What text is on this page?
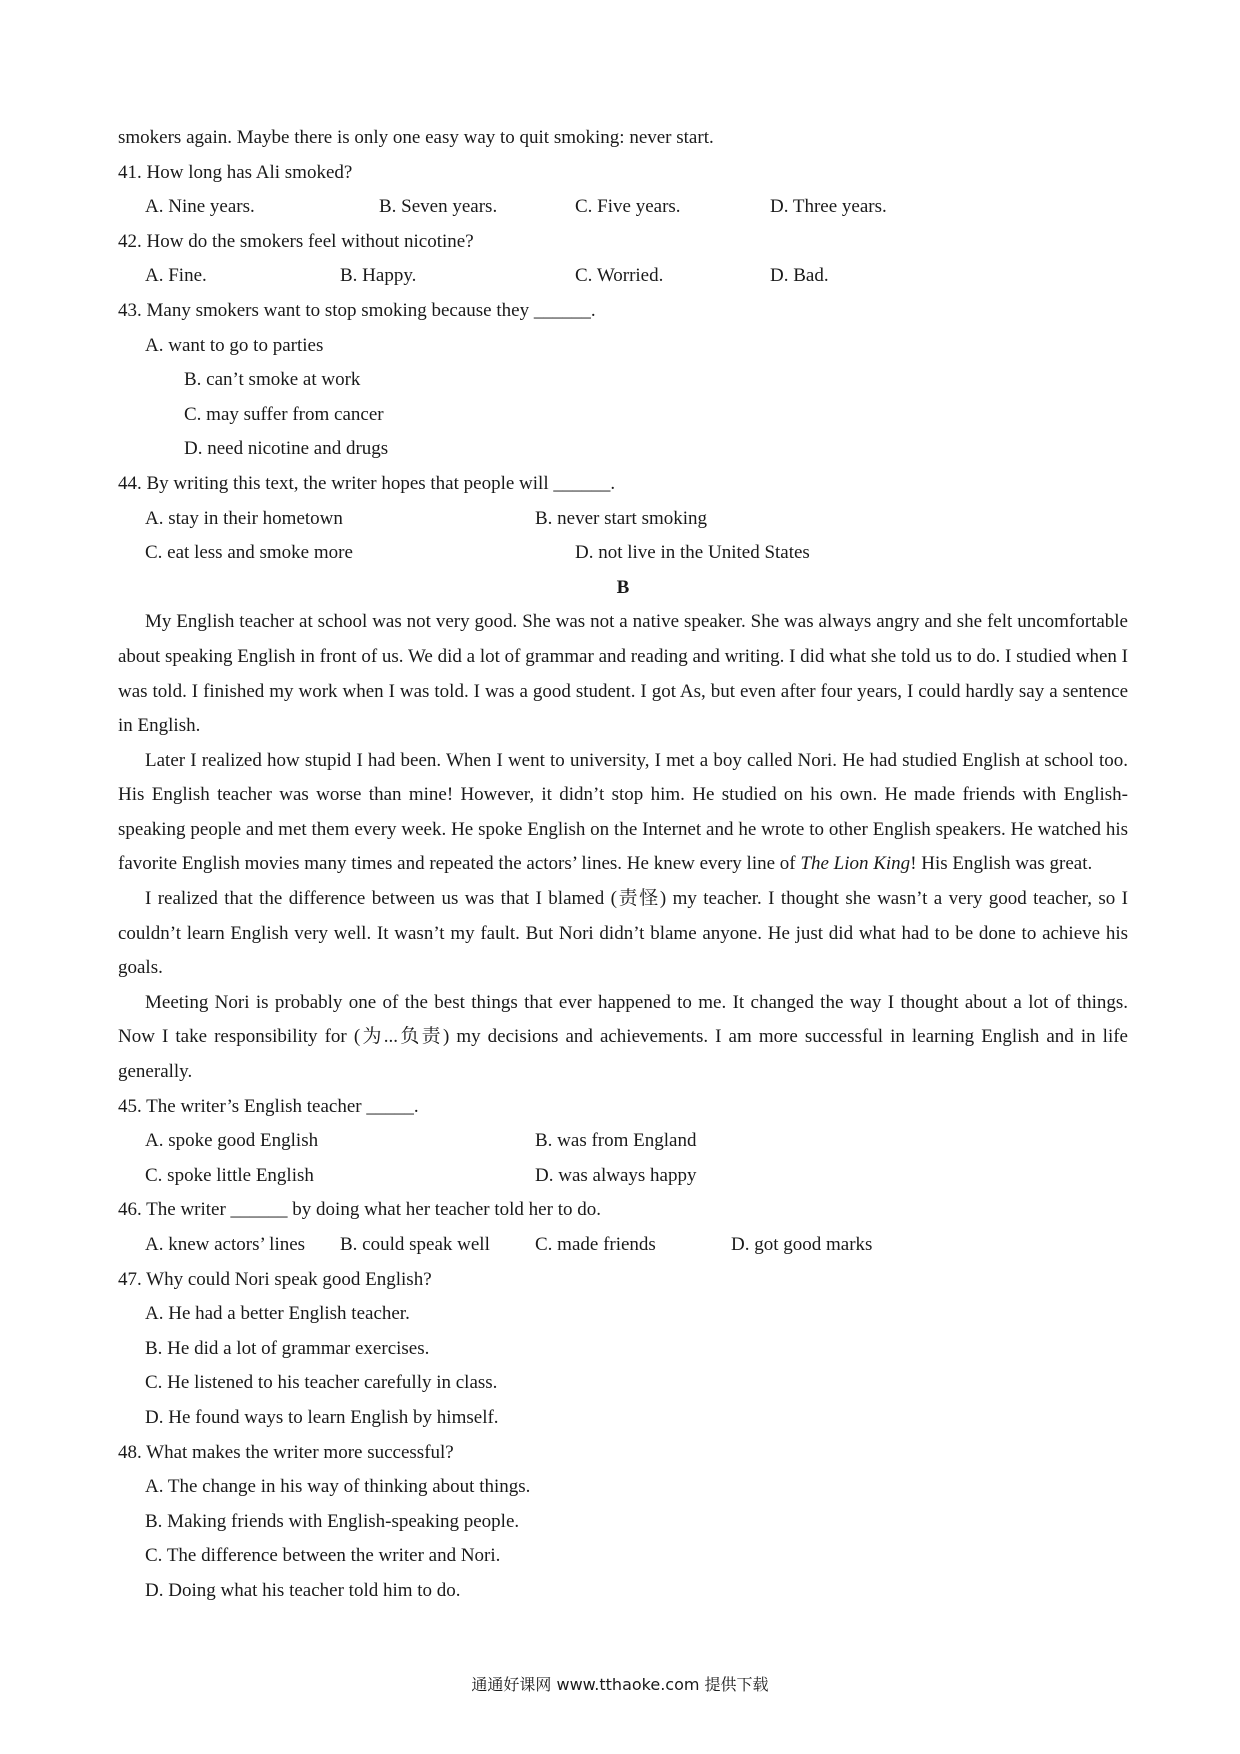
smokers again. Maybe there is only one easy way to quit smoking: never start.
41. How long has Ali smoked?
A. Nine years.	B. Seven years.	C. Five years.	D. Three years.
42. How do the smokers feel without nicotine?
A. Fine.	B. Happy.	C. Worried.	D. Bad.
43. Many smokers want to stop smoking because they ______.
A. want to go to parties
B. can’t smoke at work
C. may suffer from cancer
D. need nicotine and drugs
44. By writing this text, the writer hopes that people will ______.
A. stay in their hometown	B. never start smoking
C. eat less and smoke more	D. not live in the United States
B

My English teacher at school was not very good. She was not a native speaker. She was always angry and she felt uncomfortable about speaking English in front of us. We did a lot of grammar and reading and writing. I did what she told us to do. I studied when I was told. I finished my work when I was told. I was a good student. I got As, but even after four years, I could hardly say a sentence in English.

Later I realized how stupid I had been. When I went to university, I met a boy called Nori. He had studied English at school too. His English teacher was worse than mine! However, it didn’t stop him. He studied on his own. He made friends with English-speaking people and met them every week. He spoke English on the Internet and he wrote to other English speakers. He watched his favorite English movies many times and repeated the actors’ lines. He knew every line of The Lion King! His English was great.

I realized that the difference between us was that I blamed (责怪) my teacher. I thought she wasn’t a very good teacher, so I couldn’t learn English very well. It wasn’t my fault. But Nori didn’t blame anyone. He just did what had to be done to achieve his goals.

Meeting Nori is probably one of the best things that ever happened to me. It changed the way I thought about a lot of things. Now I take responsibility for (为...负责) my decisions and achievements. I am more successful in learning English and in life generally.

45. The writer’s English teacher _____.
A. spoke good English	B. was from England
C. spoke little English	D. was always happy
46. The writer ______ by doing what her teacher told her to do.
A. knew actors’ lines B. could speak well C. made friends	D. got good marks
47. Why could Nori speak good English?
A. He had a better English teacher.
B. He did a lot of grammar exercises.
C. He listened to his teacher carefully in class.
D. He found ways to learn English by himself.
48. What makes the writer more successful?
A. The change in his way of thinking about things.
B. Making friends with English-speaking people.
C. The difference between the writer and Nori.
D. Doing what his teacher told him to do.
通通好课网 www.tthaoke.com 提供下载
